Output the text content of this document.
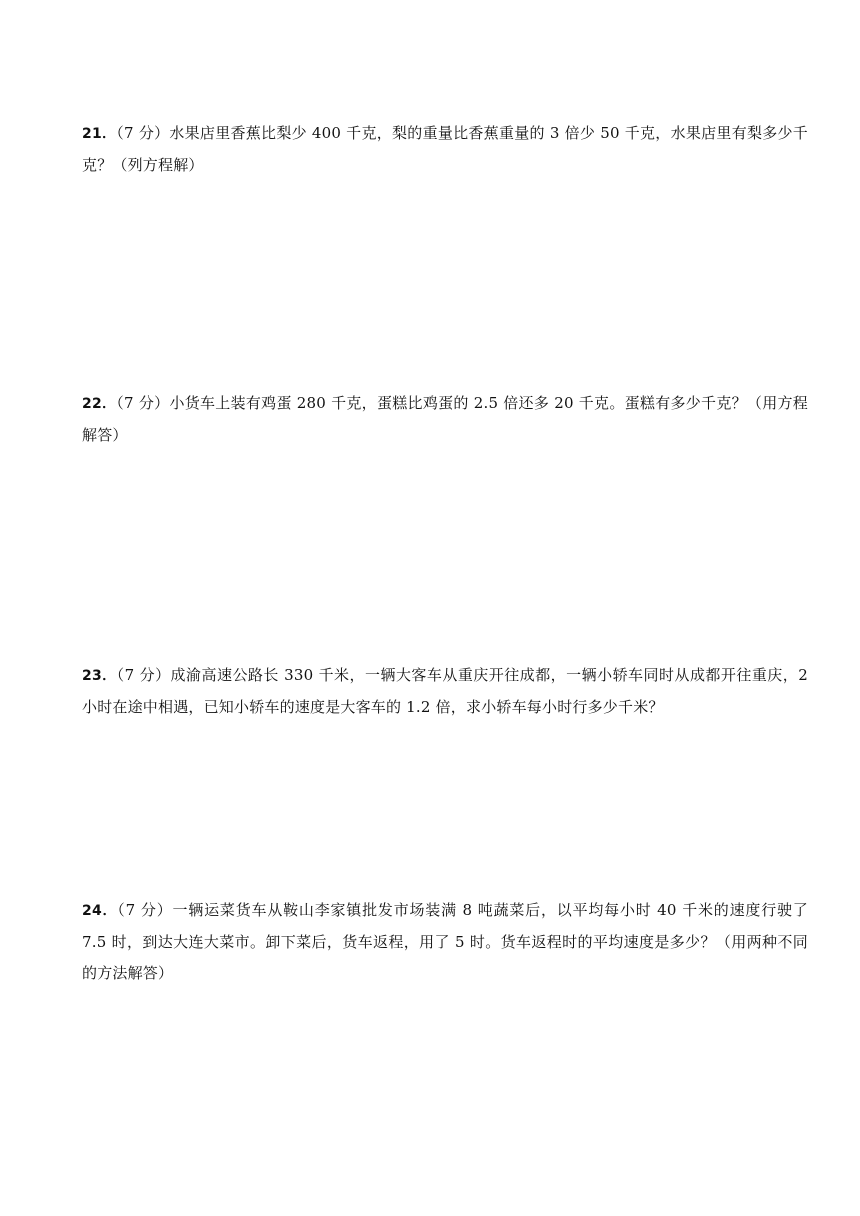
21．（7 分）水果店里香蕉比梨少 400 千克，梨的重量比香蕉重量的 3 倍少 50 千克，水果店里有梨多少千克？（列方程解）
22．（7 分）小货车上装有鸡蛋 280 千克，蛋糕比鸡蛋的 2.5 倍还多 20 千克。蛋糕有多少千克？（用方程解答）
23．（7 分）成渝高速公路长 330 千米，一辆大客车从重庆开往成都，一辆小轿车同时从成都开往重庆，2 小时在途中相遇，已知小轿车的速度是大客车的 1.2 倍，求小轿车每小时行多少千米？
24．（7 分）一辆运菜货车从鞍山李家镇批发市场装满 8 吨蔬菜后，以平均每小时 40 千米的速度行驶了 7.5 时，到达大连大菜市。卸下菜后，货车返程，用了 5 时。货车返程时的平均速度是多少？（用两种不同的方法解答）
